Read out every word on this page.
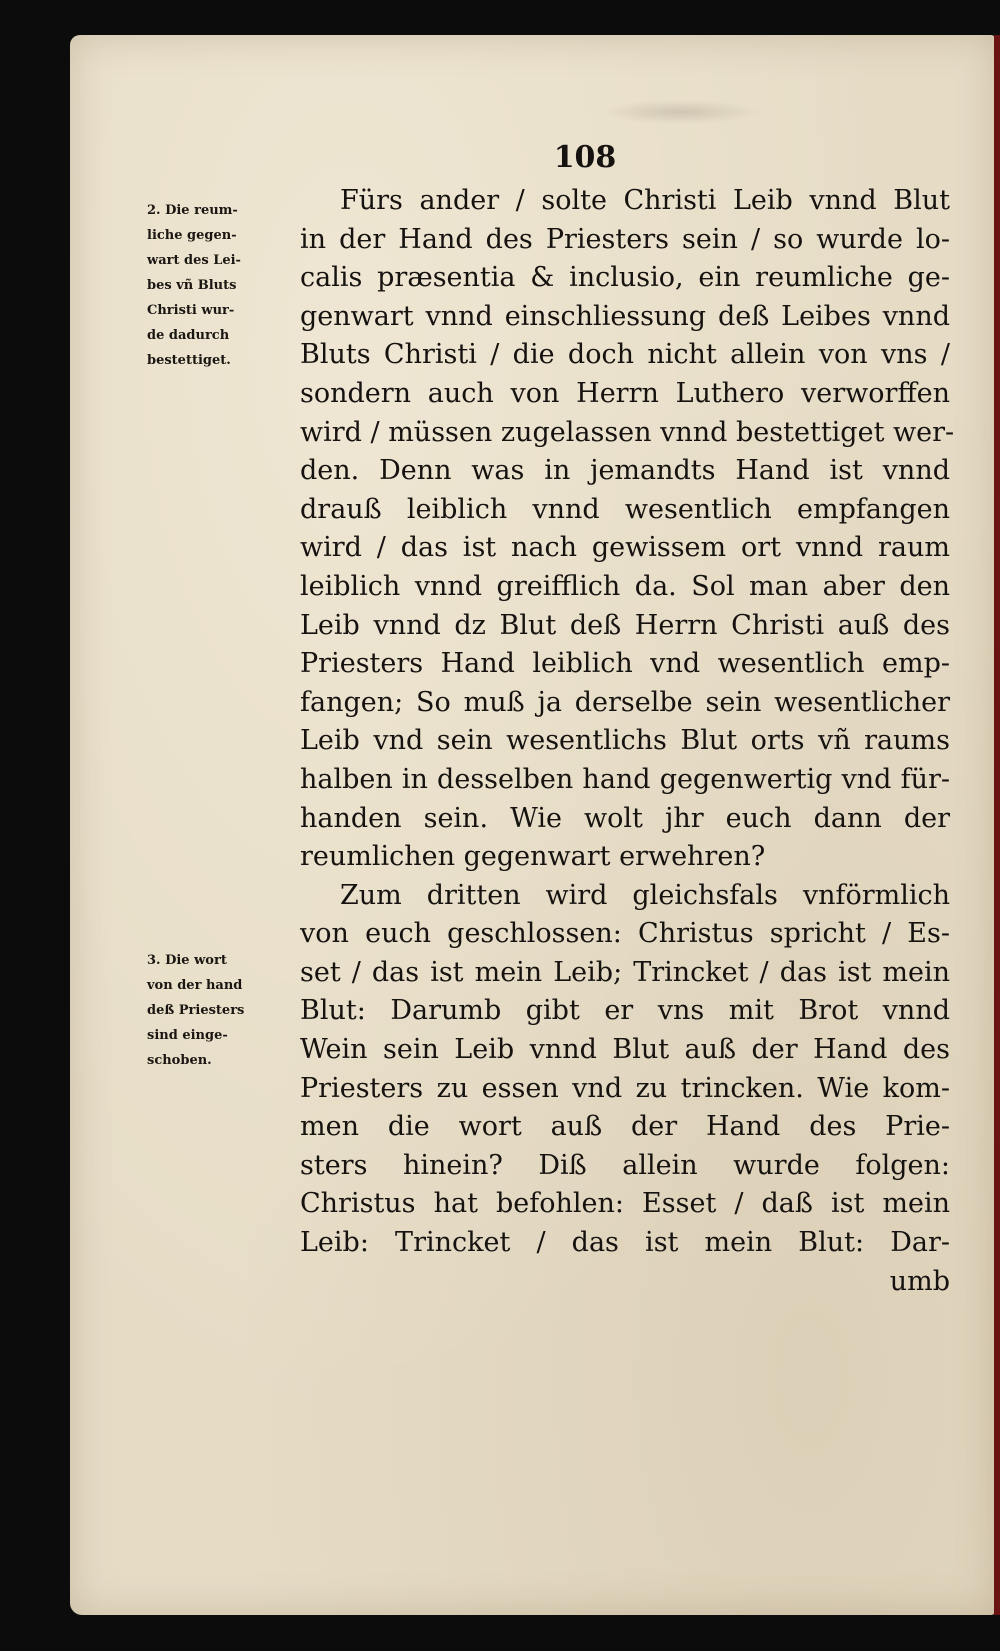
108

2. Die reum-
liche gegen-
wart des Lei-
bes vñ Bluts
Christi wur-
de dadurch
bestettiget.

3. Die wort
von der hand
deß Priesters
sind einge-
schoben.

Fürs ander / solte Christi Leib vnnd Blut
in der Hand des Priesters sein / so wurde lo-
calis præsentia & inclusio, ein reumliche ge-
genwart vnnd einschliessung deß Leibes vnnd
Bluts Christi / die doch nicht allein von vns /
sondern auch von Herrn Luthero verworffen
wird / müssen zugelassen vnnd bestettiget wer-
den. Denn was in jemandts Hand ist vnnd
drauß leiblich vnnd wesentlich empfangen
wird / das ist nach gewissem ort vnnd raum
leiblich vnnd greifflich da. Sol man aber den
Leib vnnd dz Blut deß Herrn Christi auß des
Priesters Hand leiblich vnd wesentlich emp-
fangen; So muß ja derselbe sein wesentlicher
Leib vnd sein wesentlichs Blut orts vñ raums
halben in desselben hand gegenwertig vnd für-
handen sein. Wie wolt jhr euch dann der
reumlichen gegenwart erwehren?
Zum dritten wird gleichsfals vnförmlich
von euch geschlossen: Christus spricht / Es-
set / das ist mein Leib; Trincket / das ist mein
Blut: Darumb gibt er vns mit Brot vnnd
Wein sein Leib vnnd Blut auß der Hand des
Priesters zu essen vnd zu trincken. Wie kom-
men die wort auß der Hand des Prie-
sters hinein? Diß allein wurde folgen:
Christus hat befohlen: Esset / daß ist mein
Leib: Trincket / das ist mein Blut: Dar-
umb
